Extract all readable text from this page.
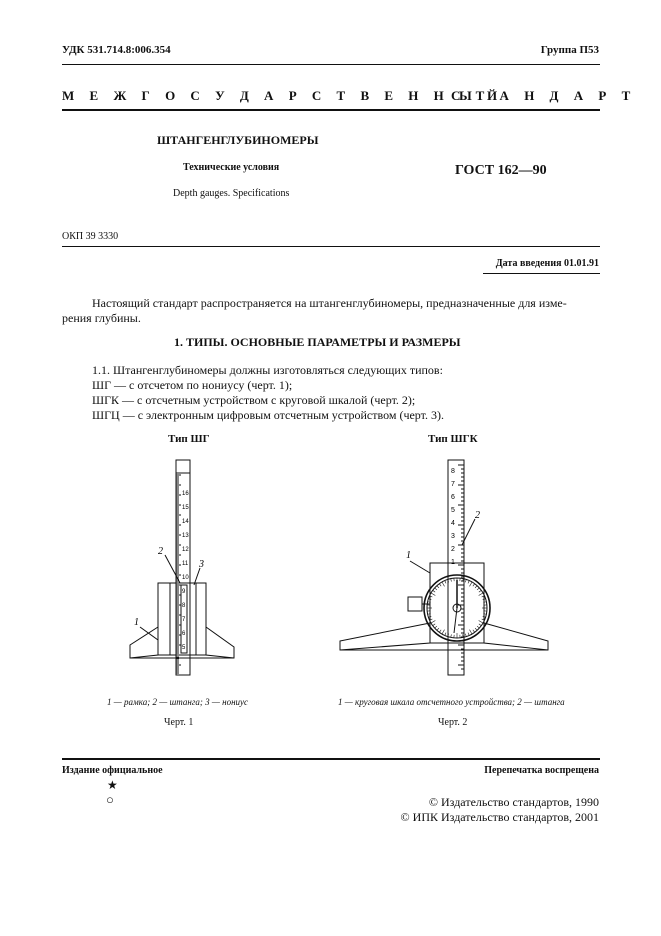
УДК 531.714.8:006.354	Группа П53
М Е Ж Г О С У Д А Р С Т В Е Н Н Ы Й
С Т А Н Д А Р Т
ШТАНГЕНГЛУБИНОМЕРЫ
Технические условия
Depth gauges. Specifications
ГОСТ 162—90
ОКП 39 3330
Дата введения 01.01.91
Настоящий стандарт распространяется на штангенглубиномеры, предназначенные для изме-
рения глубины.
1. ТИПЫ. ОСНОВНЫЕ ПАРАМЕТРЫ И РАЗМЕРЫ
1.1. Штангенглубиномеры должны изготовляться следующих типов:
ШГ — с отсчетом по нониусу (черт. 1);
ШГК — с отсчетным устройством с круговой шкалой (черт. 2);
ШГЦ — с электронным цифровым отсчетным устройством (черт. 3).
Тип ШГ
1
2
3
16
15
14
13
12
11
10
9
8
7
6
5
1 — рамка; 2 — штанга; 3 — нониус
Черт. 1
Тип ШГК
1
2
8
7
6
5
4
3
2
1
1 — круговая шкала отсчетного устройства; 2 — штанга
Черт. 2
Издание официальное	Перепечатка воспрещена
★
○	© Издательство стандартов, 1990
© ИПК Издательство стандартов, 2001
